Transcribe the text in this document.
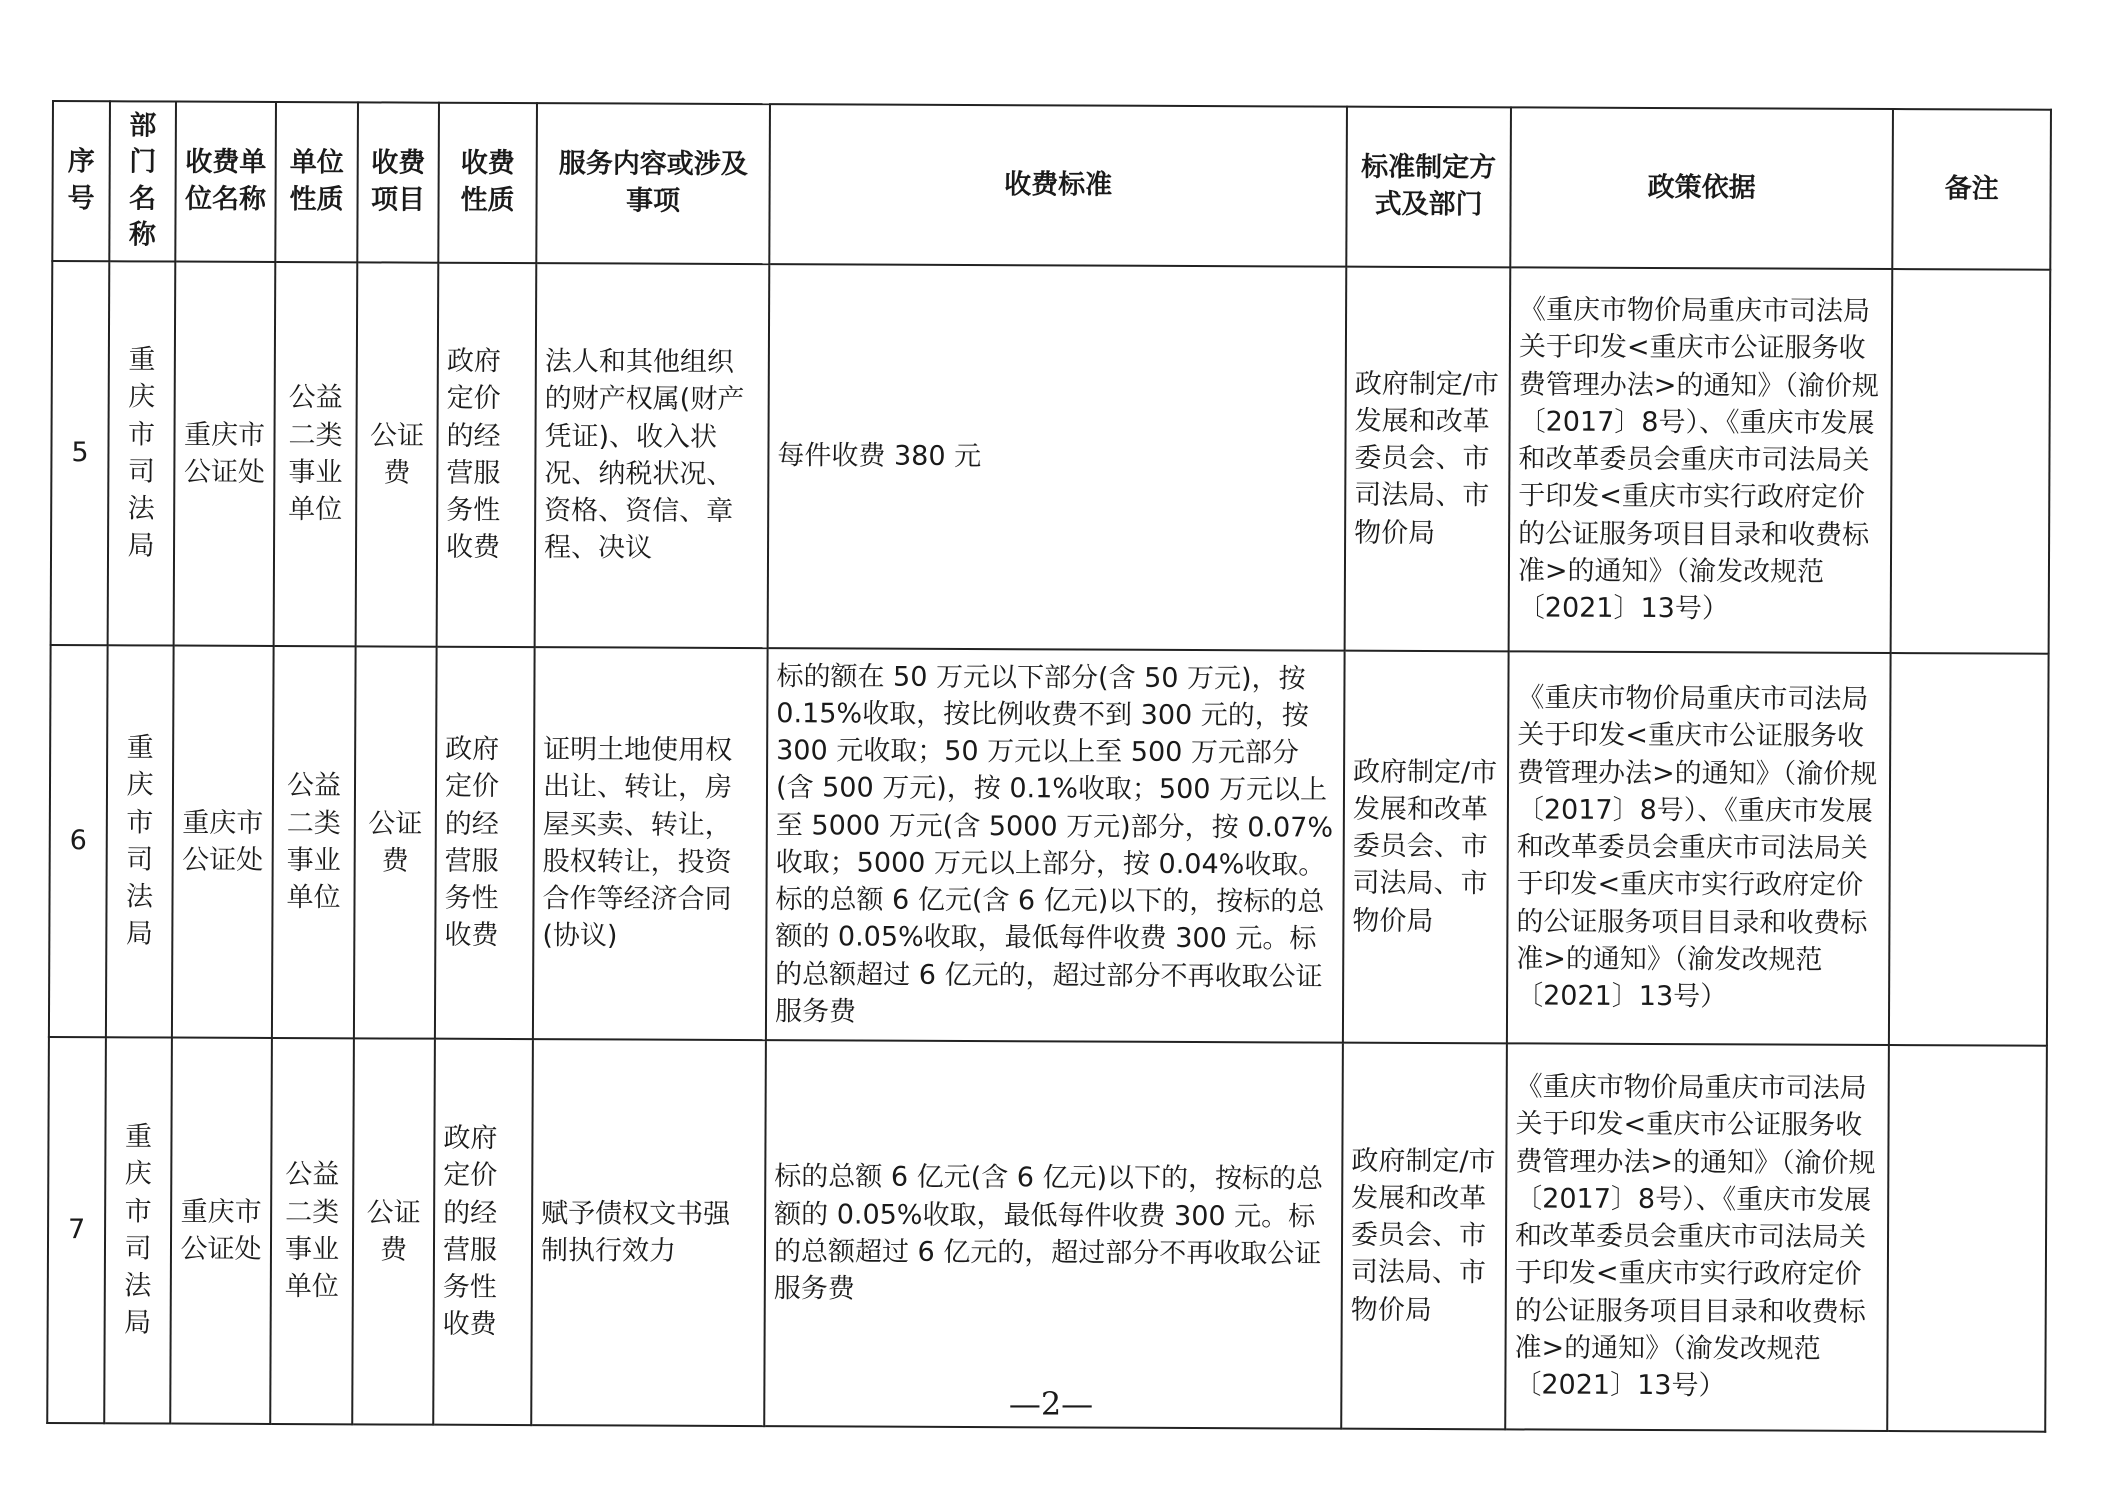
序号	部门名称	收费单位名称	单位性质	收费项目	收费性质	服务内容或涉及事项	收费标准	标准制定方式及部门	政策依据	备注
5	重庆市司法局	重庆市公证处	公益二类事业单位	公证费	政府定价的经营服务性收费	法人和其他组织的财产权属(财产凭证)、收入状况、纳税状况、资格、资信、章程、决议	每件收费 380 元	政府制定/市发展和改革委员会、市司法局、市物价局	《重庆市物价局重庆市司法局关于印发<重庆市公证服务收费管理办法>的通知》（渝价规〔2017〕8号）、《重庆市发展和改革委员会重庆市司法局关于印发<重庆市实行政府定价的公证服务项目目录和收费标准>的通知》（渝发改规范〔2021〕13号）	
6	重庆市司法局	重庆市公证处	公益二类事业单位	公证费	政府定价的经营服务性收费	证明土地使用权出让、转让，房屋买卖、转让，股权转让，投资合作等经济合同(协议)	标的额在 50 万元以下部分(含 50 万元)，按 0.15%收取，按比例收费不到 300 元的，按 300 元收取；50 万元以上至 500 万元部分(含 500 万元)，按 0.1%收取；500 万元以上至 5000 万元(含 5000 万元)部分，按 0.07%收取；5000 万元以上部分，按 0.04%收取。标的总额 6 亿元(含 6 亿元)以下的，按标的总额的 0.05%收取，最低每件收费 300 元。标的总额超过 6 亿元的，超过部分不再收取公证服务费	政府制定/市发展和改革委员会、市司法局、市物价局	《重庆市物价局重庆市司法局关于印发<重庆市公证服务收费管理办法>的通知》（渝价规〔2017〕8号）、《重庆市发展和改革委员会重庆市司法局关于印发<重庆市实行政府定价的公证服务项目目录和收费标准>的通知》（渝发改规范〔2021〕13号）	
7	重庆市司法局	重庆市公证处	公益二类事业单位	公证费	政府定价的经营服务性收费	赋予债权文书强制执行效力	标的总额 6 亿元(含 6 亿元)以下的，按标的总额的 0.05%收取，最低每件收费 300 元。标的总额超过 6 亿元的，超过部分不再收取公证服务费	政府制定/市发展和改革委员会、市司法局、市物价局	《重庆市物价局重庆市司法局关于印发<重庆市公证服务收费管理办法>的通知》（渝价规〔2017〕8号）、《重庆市发展和改革委员会重庆市司法局关于印发<重庆市实行政府定价的公证服务项目目录和收费标准>的通知》（渝发改规范〔2021〕13号）	
—2—
